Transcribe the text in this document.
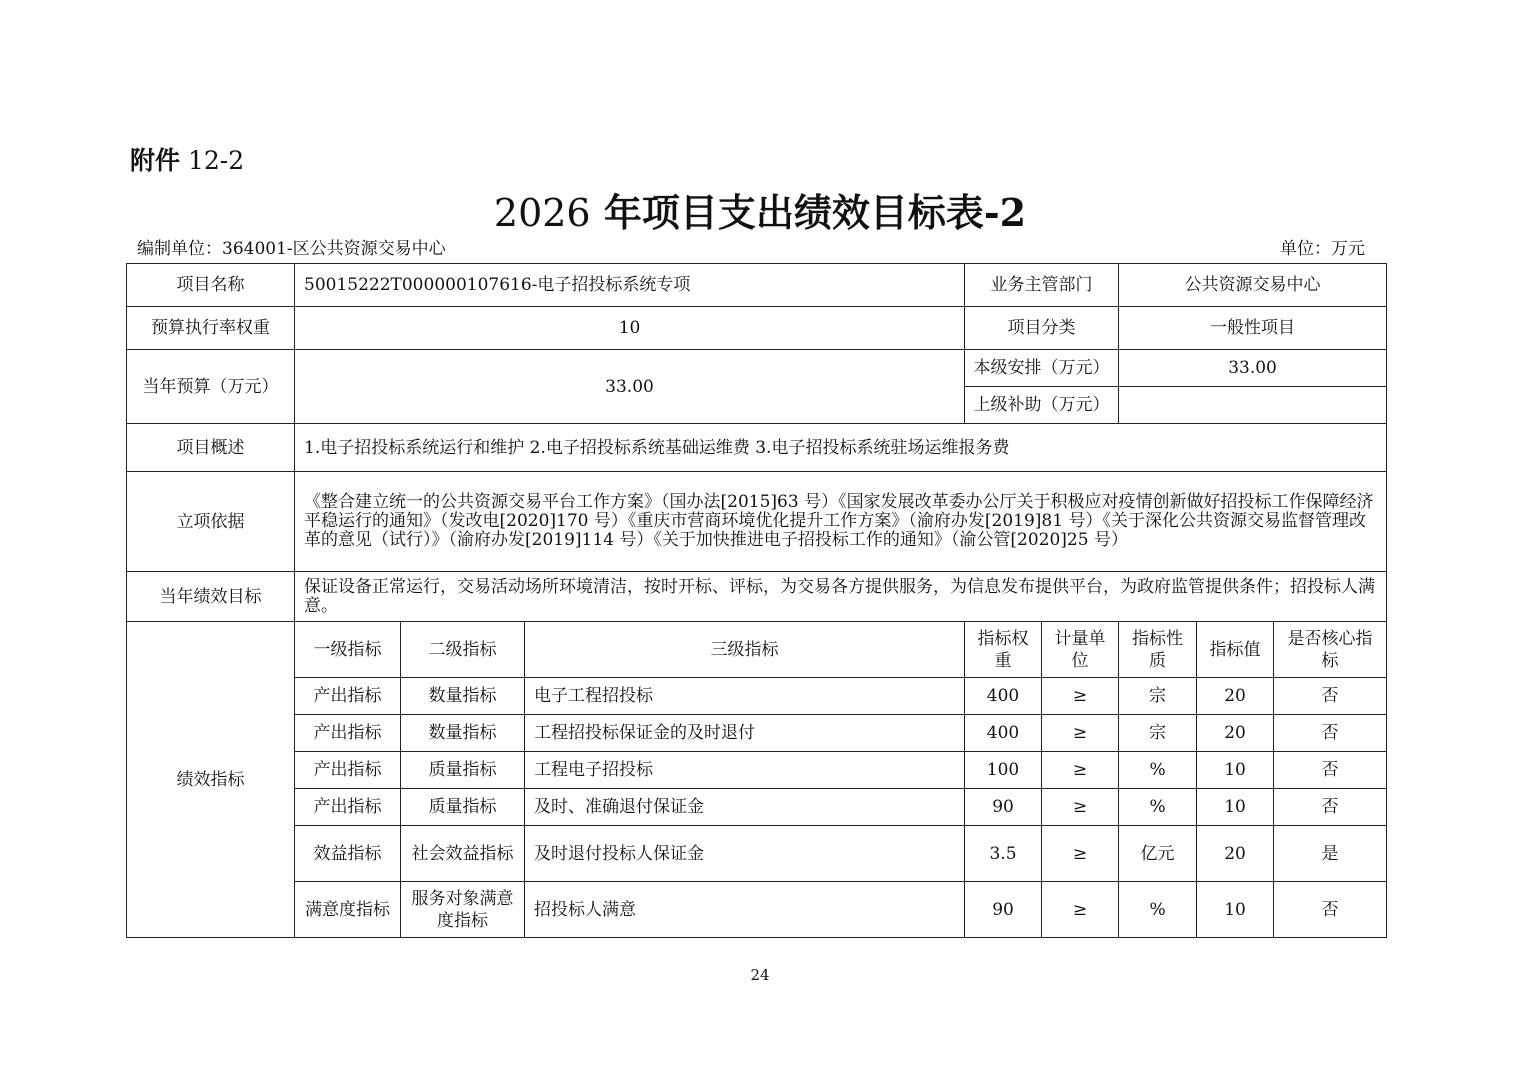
附件 12-2
2026 年项目支出绩效目标表-2
编制单位：364001-区公共资源交易中心	单位：万元
项目名称	50015222T000000107616-电子招投标系统专项			业务主管部门		公共资源交易中心		
预算执行率权重	10			项目分类		一般性项目		
当年预算（万元）	33.00			本级安排（万元）		33.00		
				上级补助（万元）				
项目概述	1.电子招投标系统运行和维护 2.电子招投标系统基础运维费 3.电子招投标系统驻场运维报务费							
立项依据	《整合建立统一的公共资源交易平台工作方案》（国办法[2015]63 号）《国家发展改革委办公厅关于积极应对疫情创新做好招投标工作保障经济平稳运行的通知》（发改电[2020]170 号）《重庆市营商环境优化提升工作方案》（渝府办发[2019]81 号）《关于深化公共资源交易监督管理改革的意见（试行）》（渝府办发[2019]114 号）《关于加快推进电子招投标工作的通知》（渝公管[2020]25 号）							
当年绩效目标	保证设备正常运行，交易活动场所环境清洁，按时开标、评标，为交易各方提供服务，为信息发布提供平台，为政府监管提供条件；招投标人满意。							
绩效指标	一级指标	二级指标	三级指标	指标权重	计量单位	指标性质	指标值	是否核心指标
	产出指标	数量指标	电子工程招投标	400	≥	宗	20	否
	产出指标	数量指标	工程招投标保证金的及时退付	400	≥	宗	20	否
	产出指标	质量指标	工程电子招投标	100	≥	%	10	否
	产出指标	质量指标	及时、准确退付保证金	90	≥	%	10	否
	效益指标	社会效益指标	及时退付投标人保证金	3.5	≥	亿元	20	是
	满意度指标	服务对象满意度指标	招投标人满意	90	≥	%	10	否
24
